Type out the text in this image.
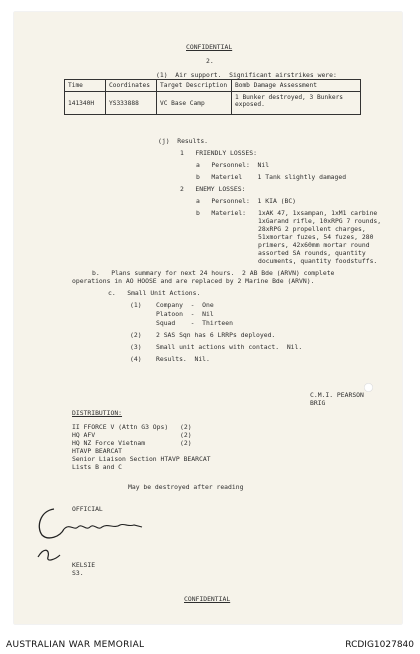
CONFIDENTIAL
2.
(1)  Air support.  Significant airstrikes were:
Time	Coordinates	Target Description	Bomb Damage Assessment
141340H	YS333888	VC Base Camp	1 Bunker destroyed, 3 Bunkers exposed.
(j)  Results.
1   FRIENDLY LOSSES:
a   Personnel:  Nil
b   Materiel    1 Tank slightly damaged
2   ENEMY LOSSES:
a   Personnel:  1 KIA (BC)
b   Materiel: 1xAK 47, 1xsampan, 1xM1 carbine
1xGarand rifle, 10xRPG 7 rounds,
28xRPG 2 propellent charges,
51xmortar fuzes, 54 fuzes, 280
primers, 42x60mm mortar round
assorted SA rounds, quantity
documents, quantity foodstuffs.
b.   Plans summary for next 24 hours.  2 AB Bde (ARVN) complete
operations in AO HOOSE and are replaced by 2 Marine Bde (ARVN).
c.   Small Unit Actions.
(1) Company  -  One
Platoon  -  Nil
Squad    -  Thirteen
(2) 2 SAS Sqn has 6 LRRPs deployed.
(3) Small unit actions with contact.  Nil.
(4) Results.  Nil.
C.M.I. PEARSON
BRIG
DISTRIBUTION:
II FFORCE V (Attn G3 Ops) (2)
HQ AFV	(2)
HQ NZ Force Vietnam	(2)
HTAVP BEARCAT
Senior Liaison Section HTAVP BEARCAT
Lists B and C
May be destroyed after reading
OFFICIAL
KELSIE
S3.
CONFIDENTIAL
AUSTRALIAN WAR MEMORIAL	RCDIG1027840
